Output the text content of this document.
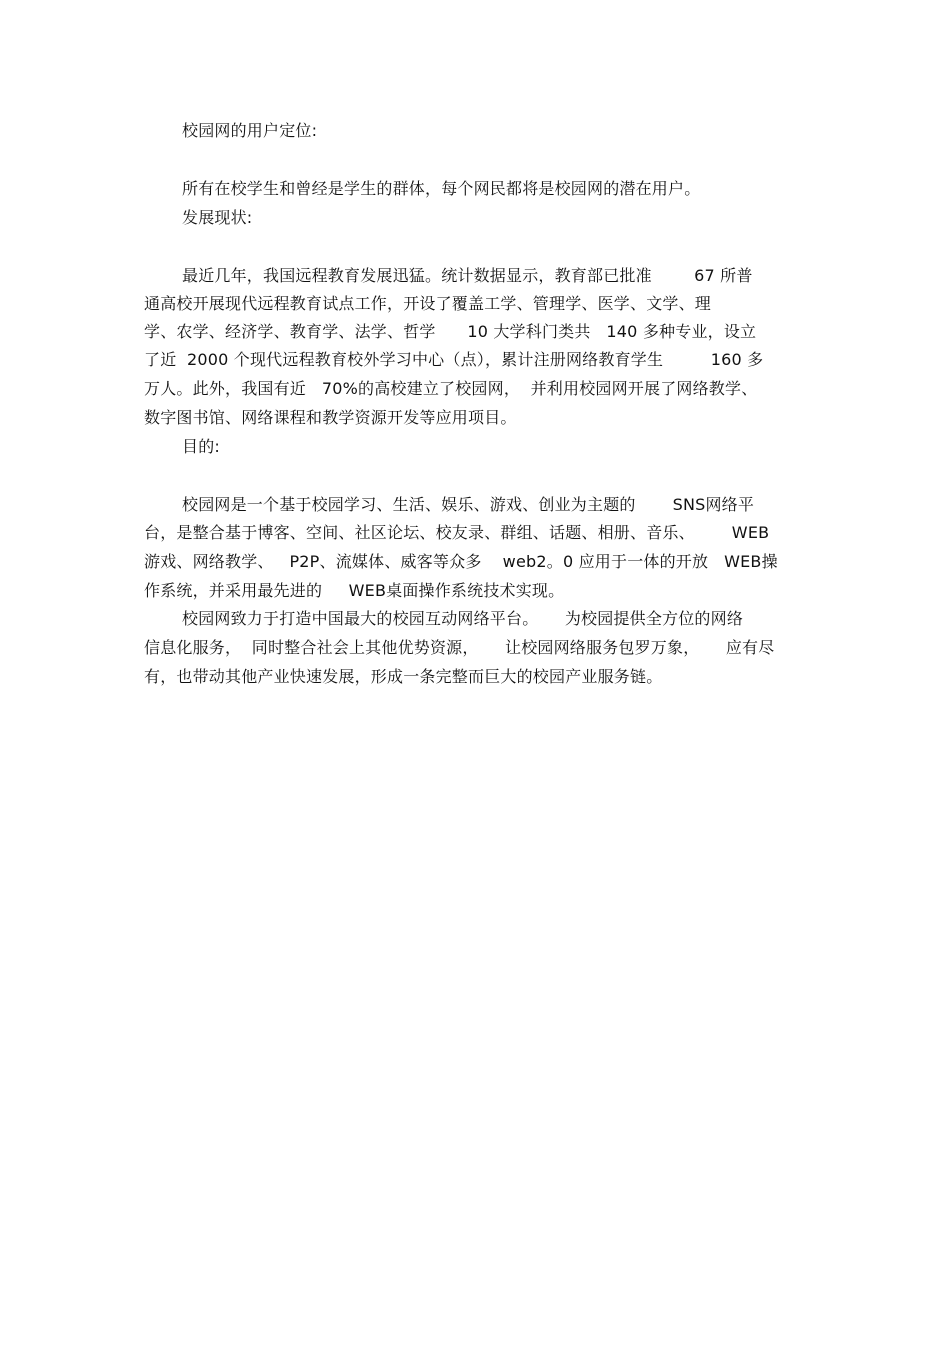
校园网的用户定位:
所有在校学生和曾经是学生的群体，每个网民都将是校园网的潜在用户。
发展现状:
最近几年，我国远程教育发展迅猛。统计数据显示，教育部已批准        67 所普
通高校开展现代远程教育试点工作，开设了覆盖工学、管理学、医学、文学、理
学、农学、经济学、教育学、法学、哲学      10 大学科门类共   140 多种专业，设立
了近  2000 个现代远程教育校外学习中心（点），累计注册网络教育学生         160 多
万人。此外，我国有近   70%的高校建立了校园网，  并利用校园网开展了网络教学、
数字图书馆、网络课程和教学资源开发等应用项目。
目的:
校园网是一个基于校园学习、生活、娱乐、游戏、创业为主题的       SNS网络平
台，是整合基于博客、空间、社区论坛、校友录、群组、话题、相册、音乐、       WEB
游戏、网络教学、   P2P、流媒体、威客等众多    web2。0 应用于一体的开放   WEB操
作系统，并采用最先进的     WEB桌面操作系统技术实现。
校园网致力于打造中国最大的校园互动网络平台。     为校园提供全方位的网络
信息化服务，  同时整合社会上其他优势资源，     让校园网络服务包罗万象，     应有尽
有，也带动其他产业快速发展，形成一条完整而巨大的校园产业服务链。
